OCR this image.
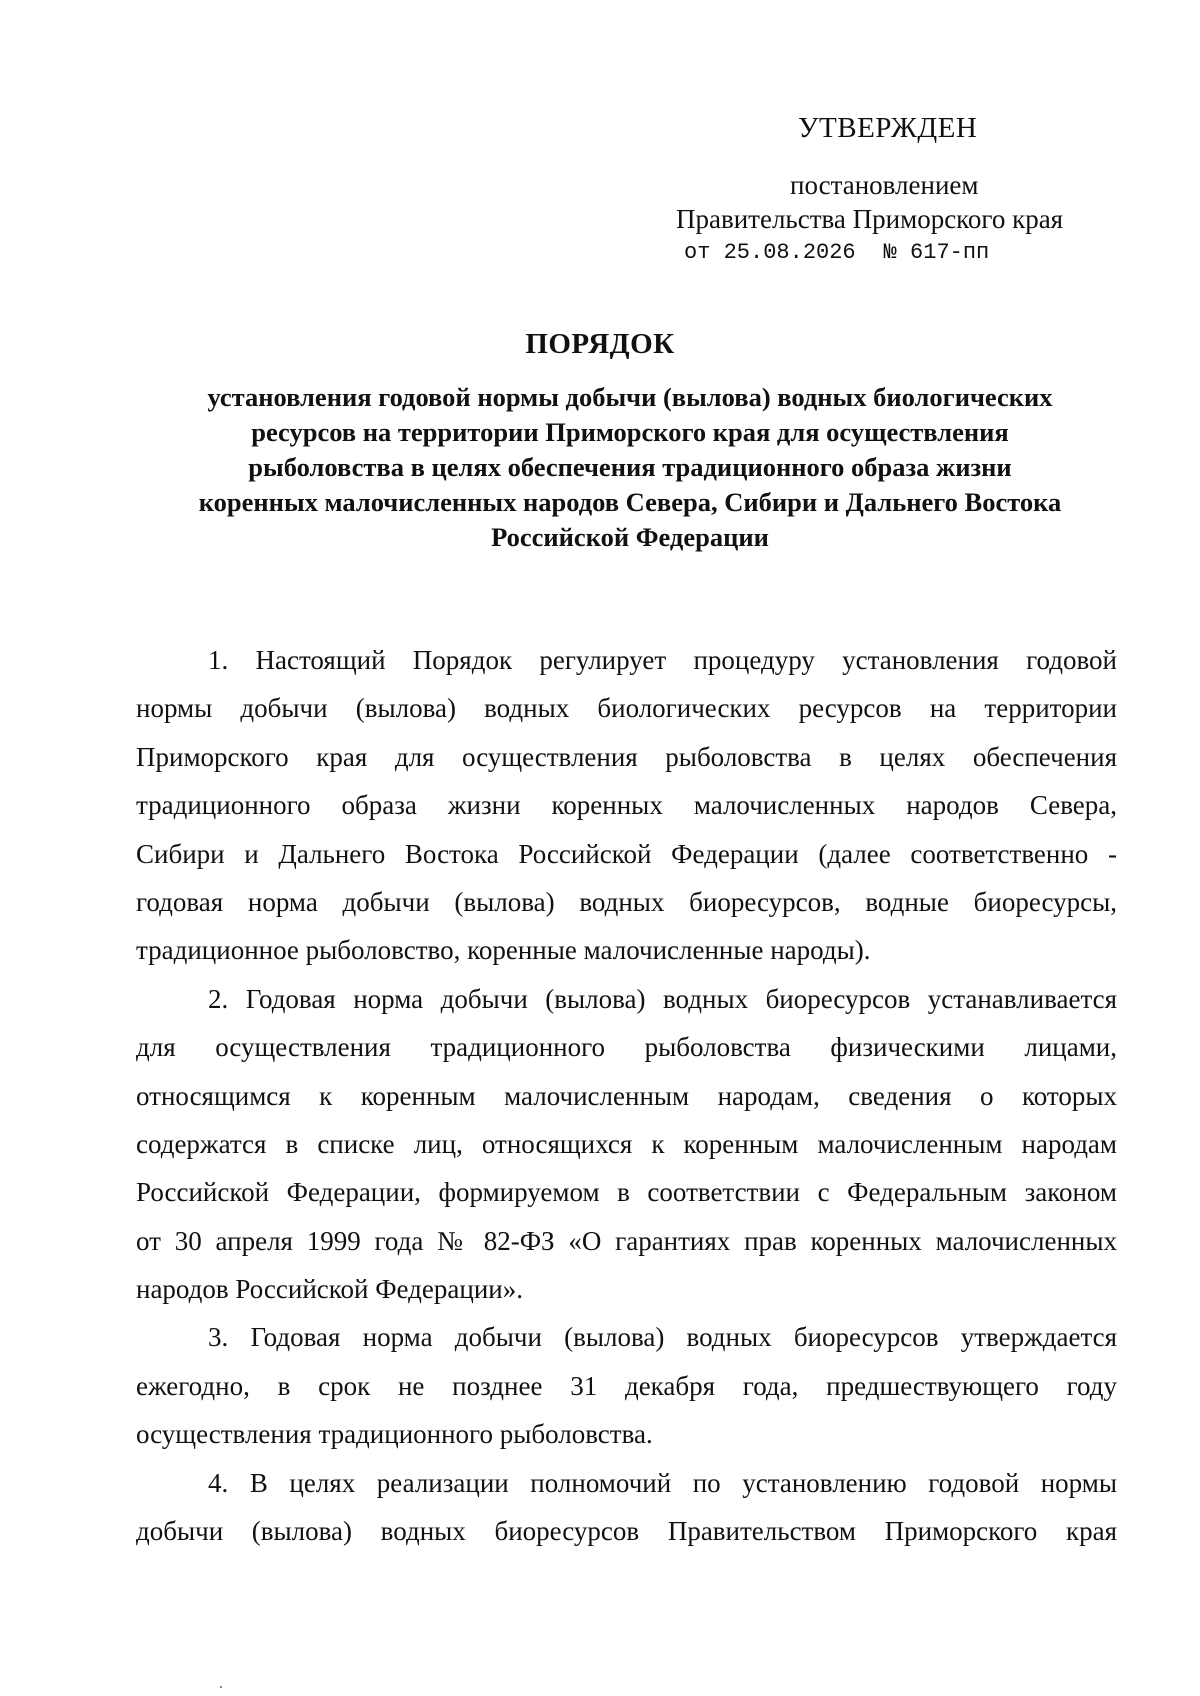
УТВЕРЖДЕН
постановлением
Правительства Приморского края
от 25.08.2026 № 617-пп
ПОРЯДОК
установления годовой нормы добычи (вылова) водных биологических
ресурсов на территории Приморского края для осуществления
рыболовства в целях обеспечения традиционного образа жизни
коренных малочисленных народов Севера, Сибири и Дальнего Востока
Российской Федерации
1. Настоящий Порядок регулирует процедуру установления годовой
нормы добычи (вылова) водных биологических ресурсов на территории
Приморского края для осуществления рыболовства в целях обеспечения
традиционного образа жизни коренных малочисленных народов Севера,
Сибири и Дальнего Востока Российской Федерации (далее соответственно -
годовая норма добычи (вылова) водных биоресурсов, водные биоресурсы,
традиционное рыболовство, коренные малочисленные народы).
2. Годовая норма добычи (вылова) водных биоресурсов устанавливается
для осуществления традиционного рыболовства физическими лицами,
относящимся к коренным малочисленным народам, сведения о которых
содержатся в списке лиц, относящихся к коренным малочисленным народам
Российской Федерации, формируемом в соответствии с Федеральным законом
от 30 апреля 1999 года № 82-ФЗ «О гарантиях прав коренных малочисленных
народов Российской Федерации».
3. Годовая норма добычи (вылова) водных биоресурсов утверждается
ежегодно, в срок не позднее 31 декабря года, предшествующего году
осуществления традиционного рыболовства.
4. В целях реализации полномочий по установлению годовой нормы
добычи (вылова) водных биоресурсов Правительством Приморского края
